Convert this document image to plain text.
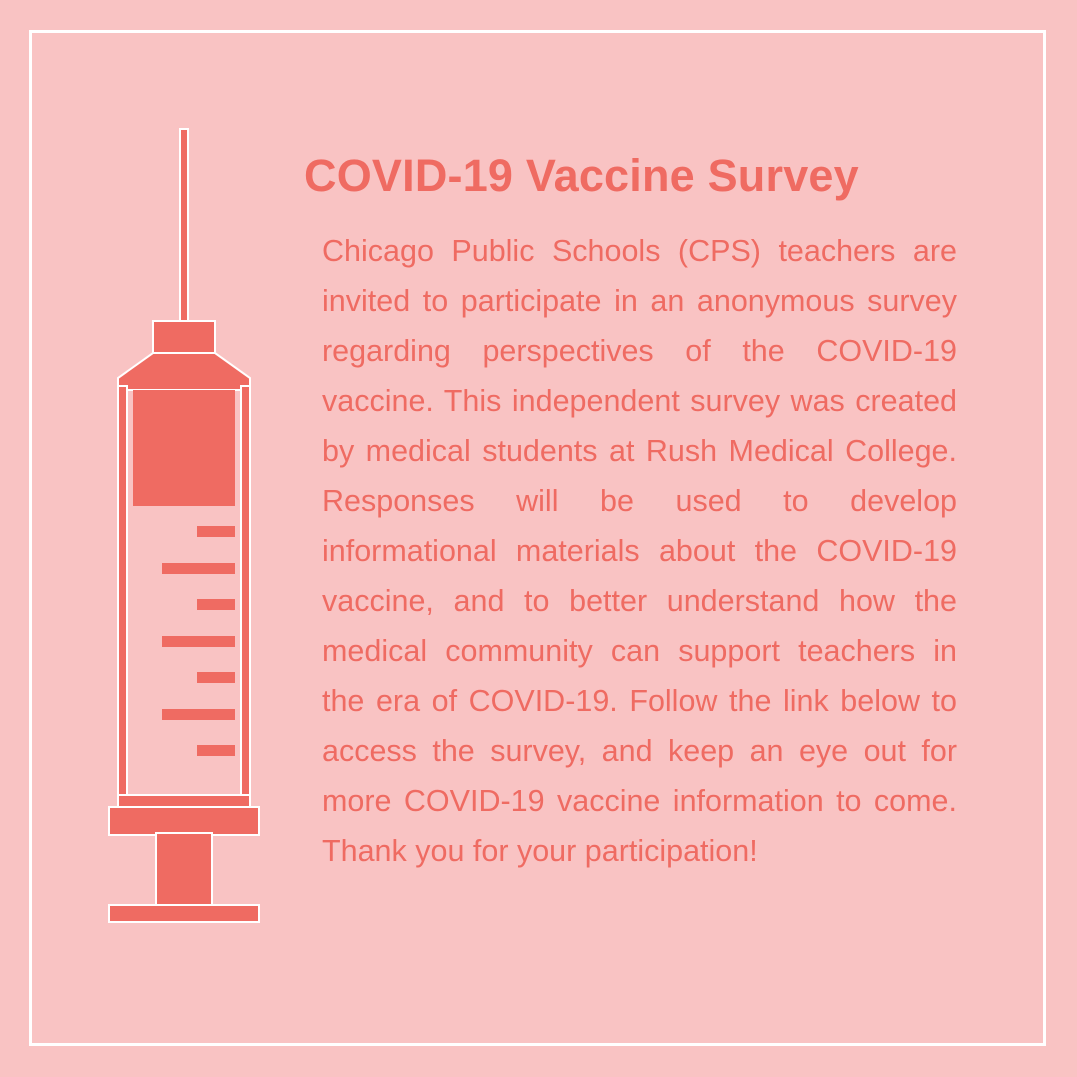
COVID-19 Vaccine Survey

Chicago Public Schools (CPS) teachers are invited to participate in an anonymous survey regarding perspectives of the COVID-19 vaccine. This independent survey was created by medical students at Rush Medical College. Responses will be used to develop informational materials about the COVID-19 vaccine, and to better understand how the medical community can support teachers in the era of COVID-19. Follow the link below to access the survey, and keep an eye out for more COVID-19 vaccine information to come. Thank you for your participation!
